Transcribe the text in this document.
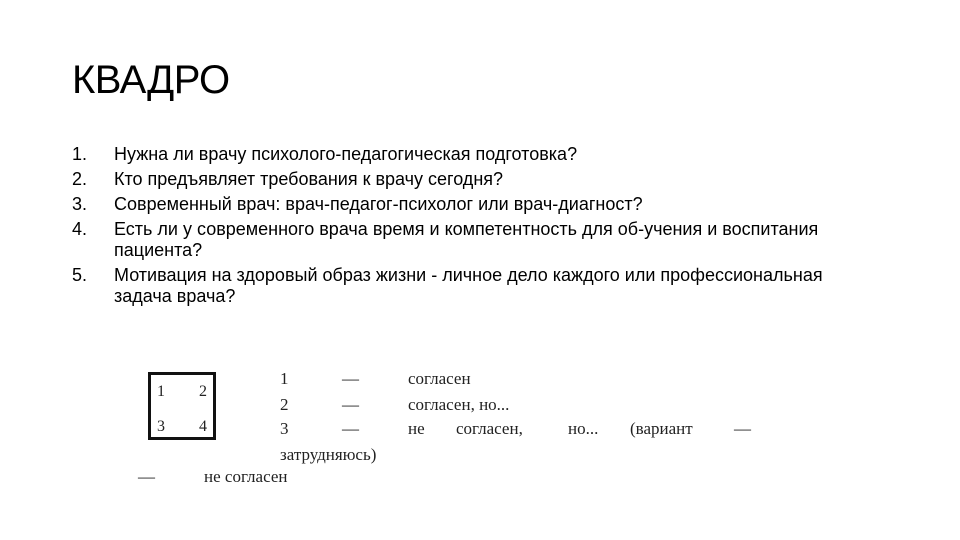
КВАДРО
1.	Нужна ли врачу психолого-педагогическая подготовка?
2.	Кто предъявляет требования к врачу сегодня?
3.	Современный врач: врач-педагог-психолог или врач-диагност?
4.	Есть ли у современного врача время и компетентность для об-учения и воспитания пациента?
5.	Мотивация на здоровый образ жизни - личное дело каждого или профессиональная задача врача?
1 2
3 4
1	—	согласен
2	—	согласен, но...
3	—	не согласен,	но... (вариант —
затрудняюсь)
—	не согласен
